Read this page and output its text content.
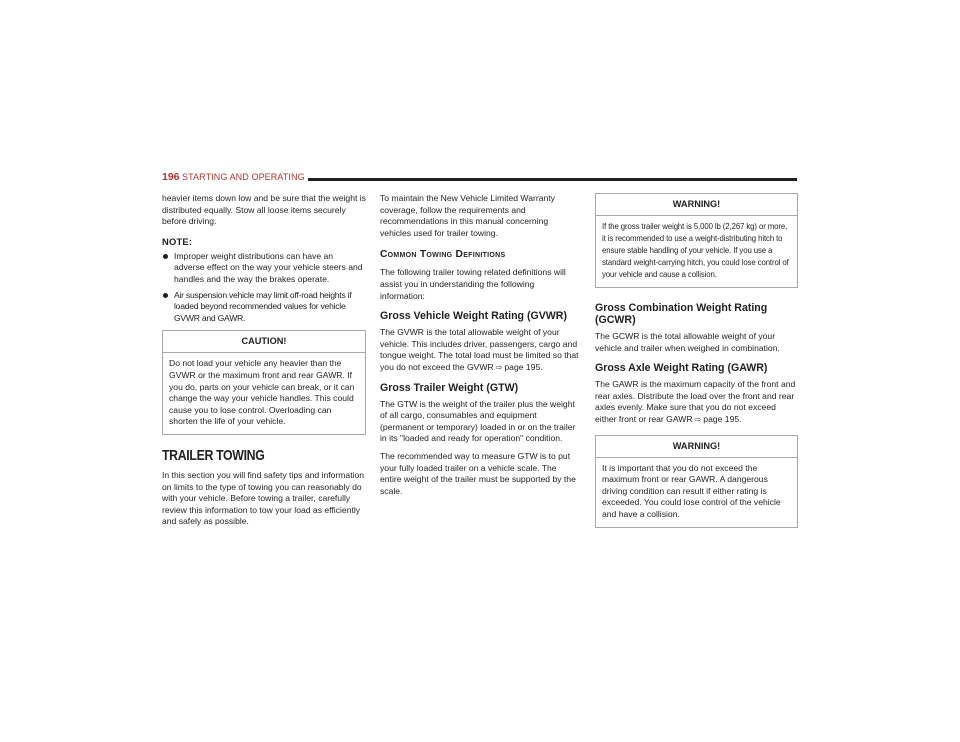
196 STARTING AND OPERATING

heavier items down low and be sure that the weight is distributed equally. Stow all loose items securely before driving.

NOTE:
Improper weight distributions can have an adverse effect on the way your vehicle steers and handles and the way the brakes operate.
Air suspension vehicle may limit off-road heights if loaded beyond recommended values for vehicle GVWR and GAWR.
CAUTION!

Do not load your vehicle any heavier than the GVWR or the maximum front and rear GAWR. If you do, parts on your vehicle can break, or it can change the way your vehicle handles. This could cause you to lose control. Overloading can shorten the life of your vehicle.

TRAILER TOWING

In this section you will find safety tips and information on limits to the type of towing you can reasonably do with your vehicle. Before towing a trailer, carefully review this information to tow your load as efficiently and safely as possible.

To maintain the New Vehicle Limited Warranty coverage, follow the requirements and recommendations in this manual concerning vehicles used for trailer towing.

Common Towing Definitions

The following trailer towing related definitions will assist you in understanding the following information:

Gross Vehicle Weight Rating (GVWR)

The GVWR is the total allowable weight of your vehicle. This includes driver, passengers, cargo and tongue weight. The total load must be limited so that you do not exceed the GVWR ⇨ page 195.

Gross Trailer Weight (GTW)

The GTW is the weight of the trailer plus the weight of all cargo, consumables and equipment (permanent or temporary) loaded in or on the trailer in its "loaded and ready for operation" condition.

The recommended way to measure GTW is to put your fully loaded trailer on a vehicle scale. The entire weight of the trailer must be supported by the scale.

WARNING!

If the gross trailer weight is 5,000 lb (2,267 kg) or more, it is recommended to use a weight-distributing hitch to ensure stable handling of your vehicle. If you use a standard weight-carrying hitch, you could lose control of your vehicle and cause a collision.

Gross Combination Weight Rating (GCWR)

The GCWR is the total allowable weight of your vehicle and trailer when weighed in combination.

Gross Axle Weight Rating (GAWR)

The GAWR is the maximum capacity of the front and rear axles. Distribute the load over the front and rear axles evenly. Make sure that you do not exceed either front or rear GAWR ⇨ page 195.

WARNING!

It is important that you do not exceed the maximum front or rear GAWR. A dangerous driving condition can result if either rating is exceeded. You could lose control of the vehicle and have a collision.
